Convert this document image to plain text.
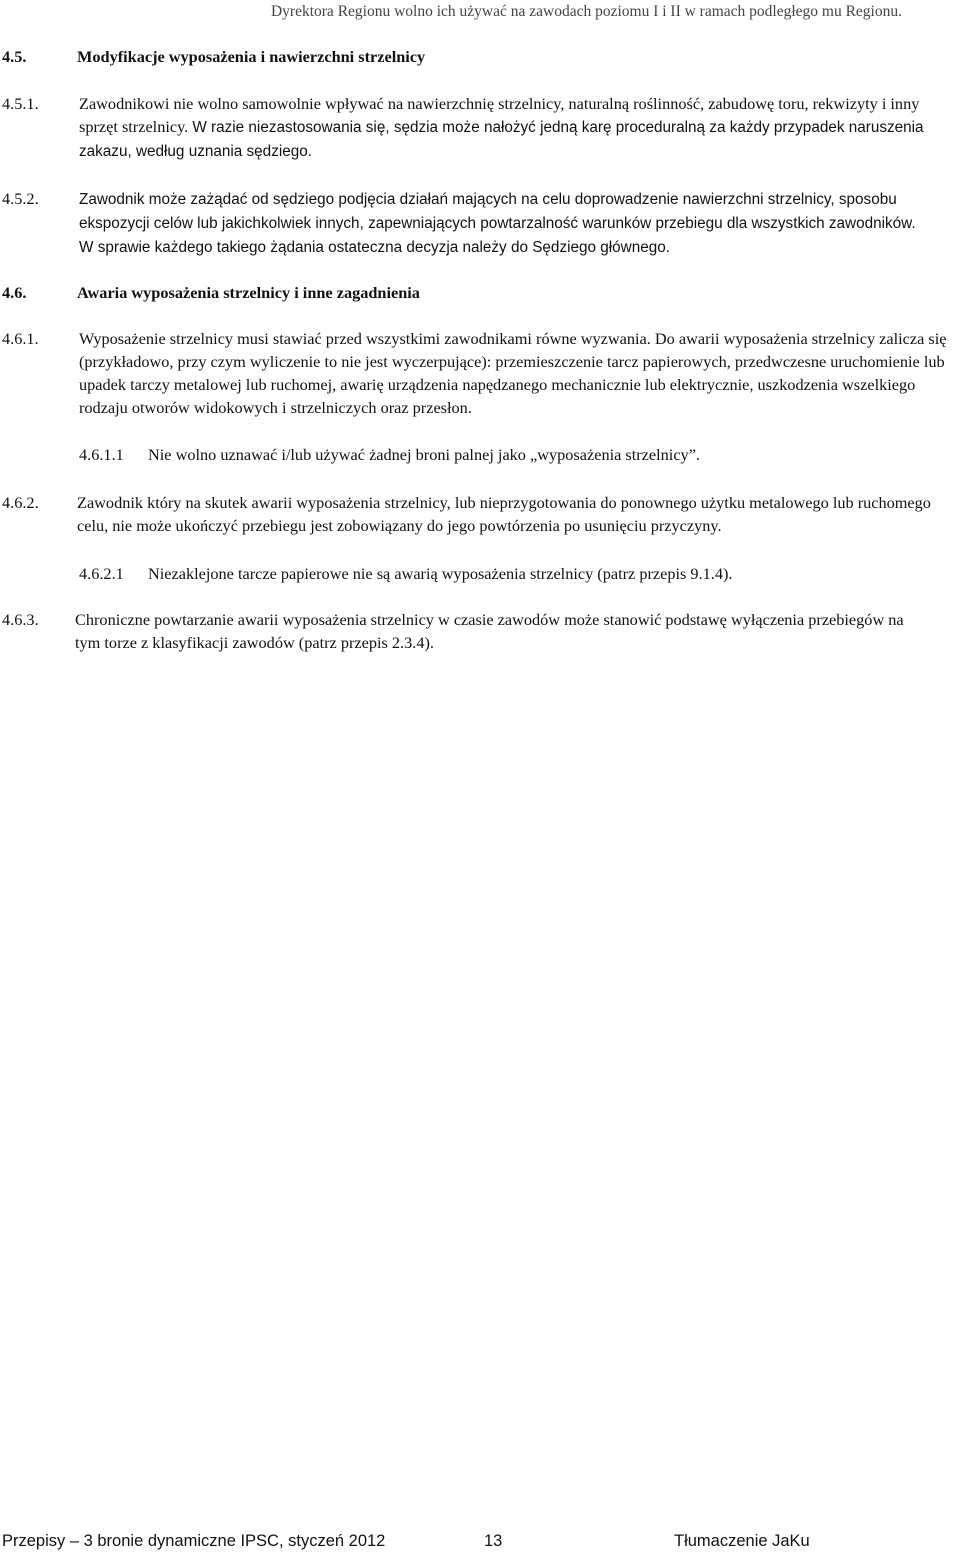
Dyrektora Regionu wolno ich używać na zawodach poziomu I i II w ramach podległego mu Regionu.
4.5.	Modyfikacje wyposażenia i nawierzchni strzelnicy
4.5.1. Zawodnikowi nie wolno samowolnie wpływać na nawierzchnię strzelnicy, naturalną roślinność, zabudowę toru, rekwizyty i inny sprzęt strzelnicy. W razie niezastosowania się, sędzia może nałożyć jedną karę proceduralną za każdy przypadek naruszenia zakazu, według uznania sędziego.
4.5.2.	Zawodnik może zażądać od sędziego podjęcia działań mających na celu doprowadzenie nawierzchni strzelnicy, sposobu ekspozycji celów lub jakichkolwiek innych, zapewniających powtarzalność warunków przebiegu dla wszystkich zawodników. W sprawie każdego takiego żądania ostateczna decyzja należy do Sędziego głównego.
4.6.	Awaria wyposażenia strzelnicy i inne zagadnienia
4.6.1. Wyposażenie strzelnicy musi stawiać przed wszystkimi zawodnikami równe wyzwania. Do awarii wyposażenia strzelnicy zalicza się (przykładowo, przy czym wyliczenie to nie jest wyczerpujące): przemieszczenie tarcz papierowych, przedwczesne uruchomienie lub upadek tarczy metalowej lub ruchomej, awarię urządzenia napędzanego mechanicznie lub elektrycznie, uszkodzenia wszelkiego rodzaju otworów widokowych i strzelniczych oraz przesłon.
4.6.1.1 Nie wolno uznawać i/lub używać żadnej broni palnej jako „wyposażenia strzelnicy”.
4.6.2. Zawodnik który na skutek awarii wyposażenia strzelnicy, lub nieprzygotowania do ponownego użytku metalowego lub ruchomego celu, nie może ukończyć przebiegu jest zobowiązany do jego powtórzenia po usunięciu przyczyny.
4.6.2.1 Niezaklejone tarcze papierowe nie są awarią wyposażenia strzelnicy (patrz przepis 9.1.4).
4.6.3. Chroniczne powtarzanie awarii wyposażenia strzelnicy w czasie zawodów może stanowić podstawę wyłączenia przebiegów na tym torze z klasyfikacji zawodów (patrz przepis 2.3.4).
Przepisy – 3 bronie dynamiczne IPSC, styczeń 2012	13	Tłumaczenie JaKu
